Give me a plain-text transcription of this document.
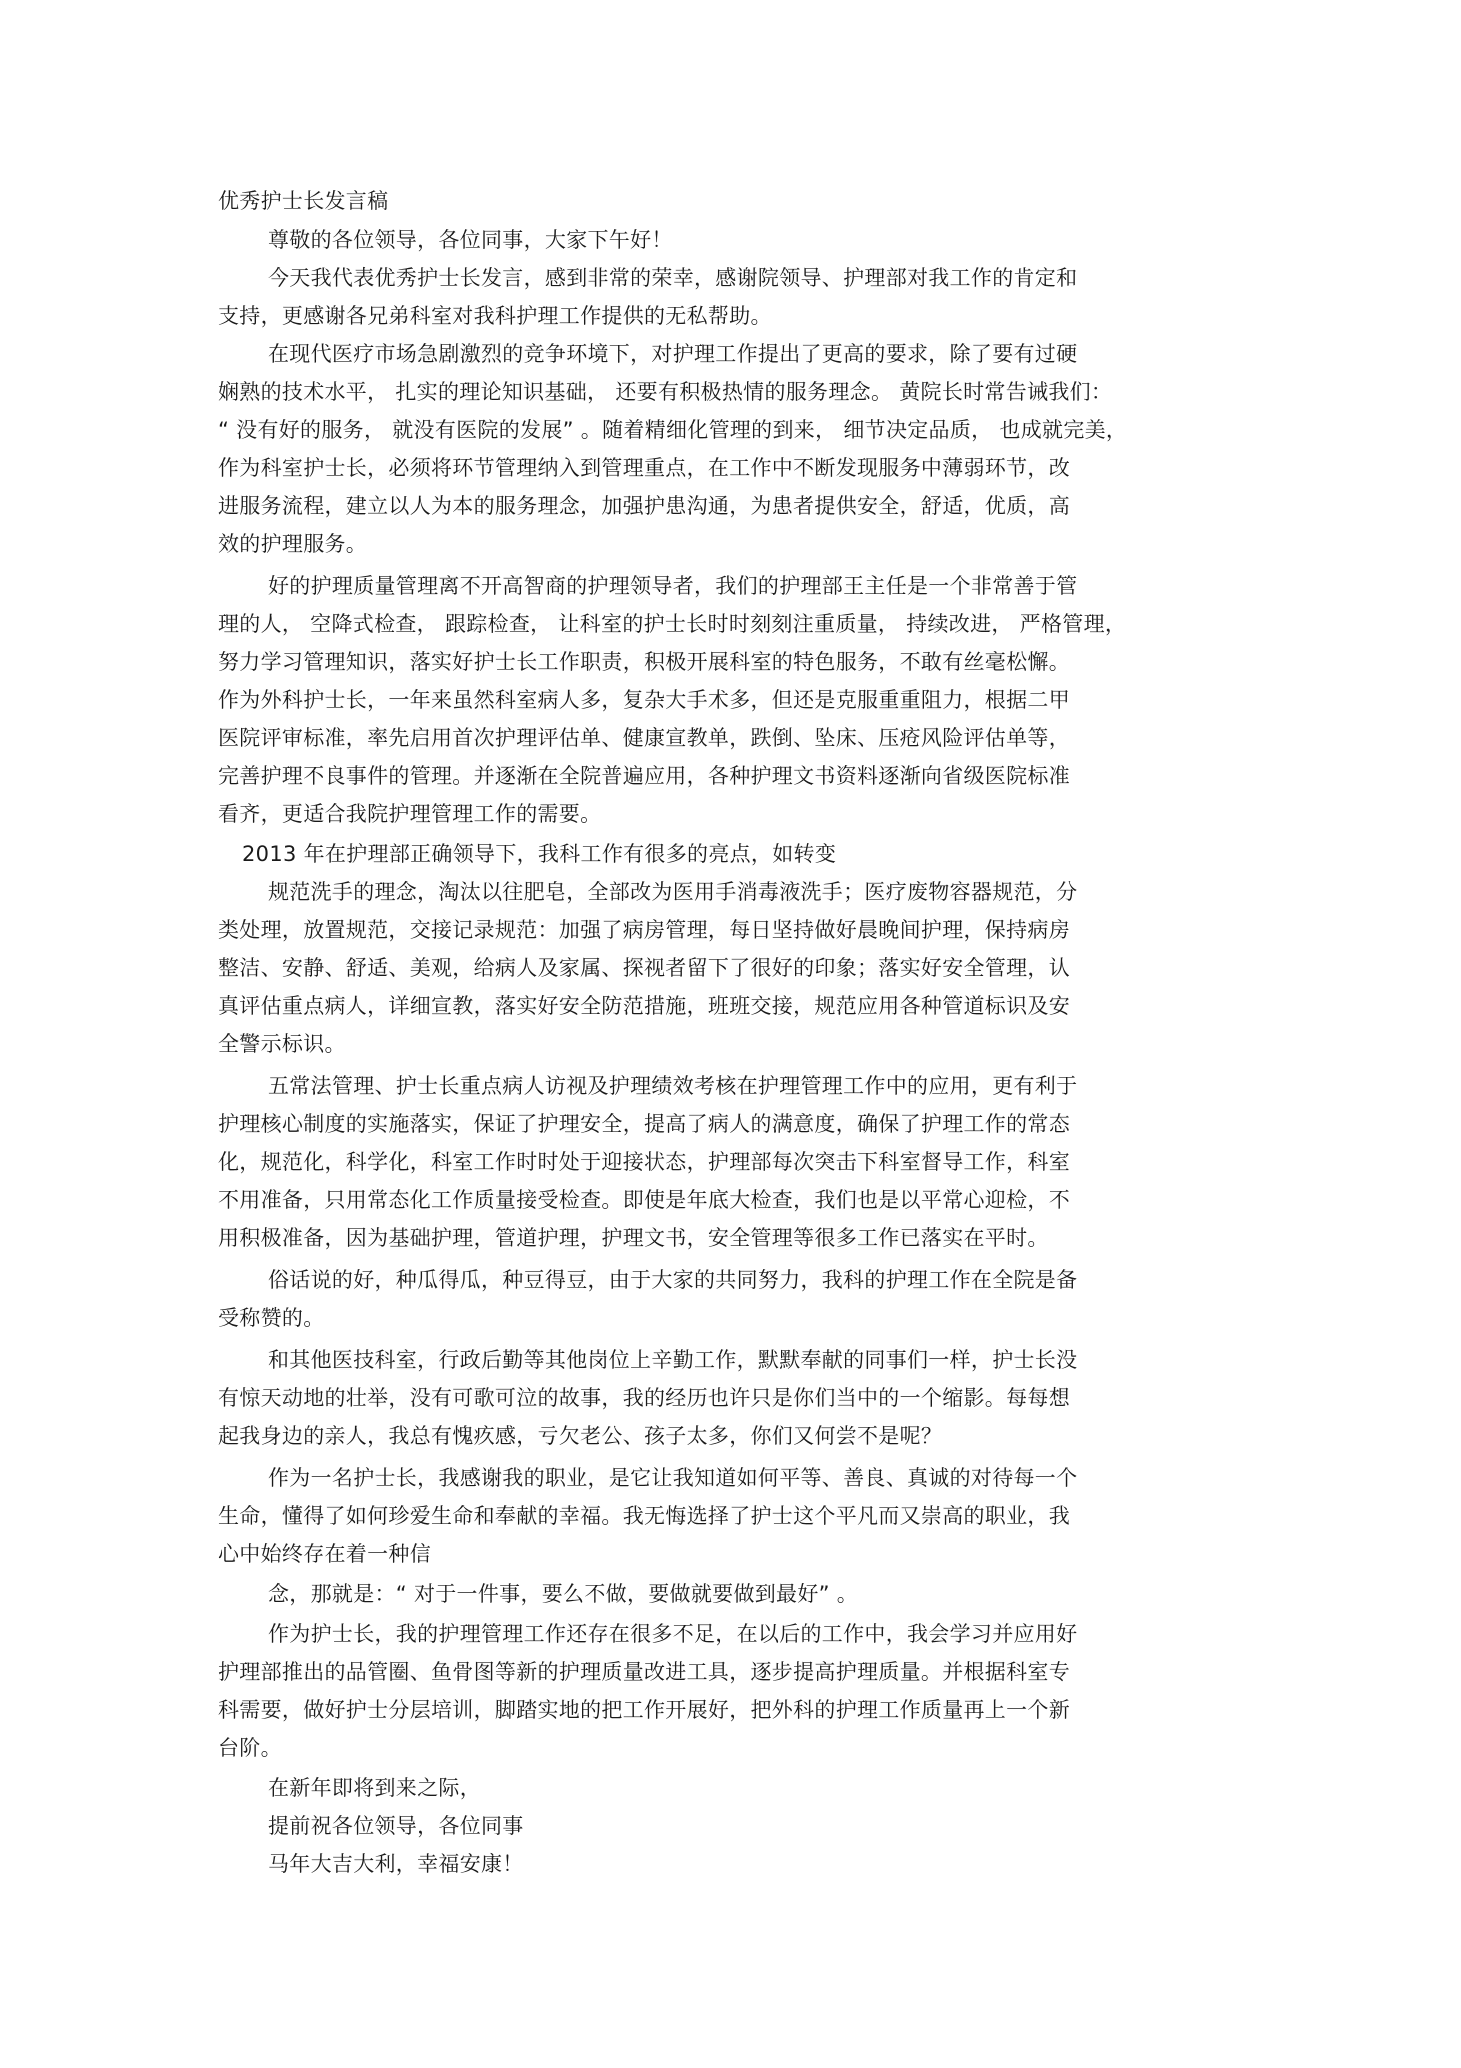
优秀护士长发言稿

尊敬的各位领导，各位同事，大家下午好！

今天我代表优秀护士长发言，感到非常的荣幸，感谢院领导、护理部对我工作的肯定和

支持，更感谢各兄弟科室对我科护理工作提供的无私帮助。

在现代医疗市场急剧激烈的竞争环境下，对护理工作提出了更高的要求，除了要有过硬

娴熟的技术水平， 扎实的理论知识基础， 还要有积极热情的服务理念。 黄院长时常告诫我们：

“ 没有好的服务， 就没有医院的发展” 。随着精细化管理的到来， 细节决定品质， 也成就完美，

作为科室护士长，必须将环节管理纳入到管理重点，在工作中不断发现服务中薄弱环节，改

进服务流程，建立以人为本的服务理念，加强护患沟通，为患者提供安全，舒适，优质，高

效的护理服务。

好的护理质量管理离不开高智商的护理领导者，我们的护理部王主任是一个非常善于管

理的人， 空降式检查， 跟踪检查， 让科室的护士长时时刻刻注重质量， 持续改进， 严格管理，

努力学习管理知识，落实好护士长工作职责，积极开展科室的特色服务，不敢有丝毫松懈。

作为外科护士长，一年来虽然科室病人多，复杂大手术多，但还是克服重重阻力，根据二甲

医院评审标准，率先启用首次护理评估单、健康宣教单，跌倒、坠床、压疮风险评估单等，

完善护理不良事件的管理。并逐渐在全院普遍应用，各种护理文书资料逐渐向省级医院标准

看齐，更适合我院护理管理工作的需要。

2013 年在护理部正确领导下，我科工作有很多的亮点，如转变

规范洗手的理念，淘汰以往肥皂，全部改为医用手消毒液洗手；医疗废物容器规范，分

类处理，放置规范，交接记录规范：加强了病房管理，每日坚持做好晨晚间护理，保持病房

整洁、安静、舒适、美观，给病人及家属、探视者留下了很好的印象；落实好安全管理，认

真评估重点病人，详细宣教，落实好安全防范措施，班班交接，规范应用各种管道标识及安

全警示标识。

五常法管理、护士长重点病人访视及护理绩效考核在护理管理工作中的应用，更有利于

护理核心制度的实施落实，保证了护理安全，提高了病人的满意度，确保了护理工作的常态

化，规范化，科学化，科室工作时时处于迎接状态，护理部每次突击下科室督导工作，科室

不用准备，只用常态化工作质量接受检查。即使是年底大检查，我们也是以平常心迎检，不

用积极准备，因为基础护理，管道护理，护理文书，安全管理等很多工作已落实在平时。

俗话说的好，种瓜得瓜，种豆得豆，由于大家的共同努力，我科的护理工作在全院是备

受称赞的。

和其他医技科室，行政后勤等其他岗位上辛勤工作，默默奉献的同事们一样，护士长没

有惊天动地的壮举，没有可歌可泣的故事，我的经历也许只是你们当中的一个缩影。每每想

起我身边的亲人，我总有愧疚感，亏欠老公、孩子太多，你们又何尝不是呢？

作为一名护士长，我感谢我的职业，是它让我知道如何平等、善良、真诚的对待每一个

生命，懂得了如何珍爱生命和奉献的幸福。我无悔选择了护士这个平凡而又崇高的职业，我

心中始终存在着一种信

念，那就是：“ 对于一件事，要么不做，要做就要做到最好” 。

作为护士长，我的护理管理工作还存在很多不足，在以后的工作中，我会学习并应用好

护理部推出的品管圈、鱼骨图等新的护理质量改进工具，逐步提高护理质量。并根据科室专

科需要，做好护士分层培训，脚踏实地的把工作开展好，把外科的护理工作质量再上一个新

台阶。

在新年即将到来之际，

提前祝各位领导，各位同事

马年大吉大利，幸福安康！
